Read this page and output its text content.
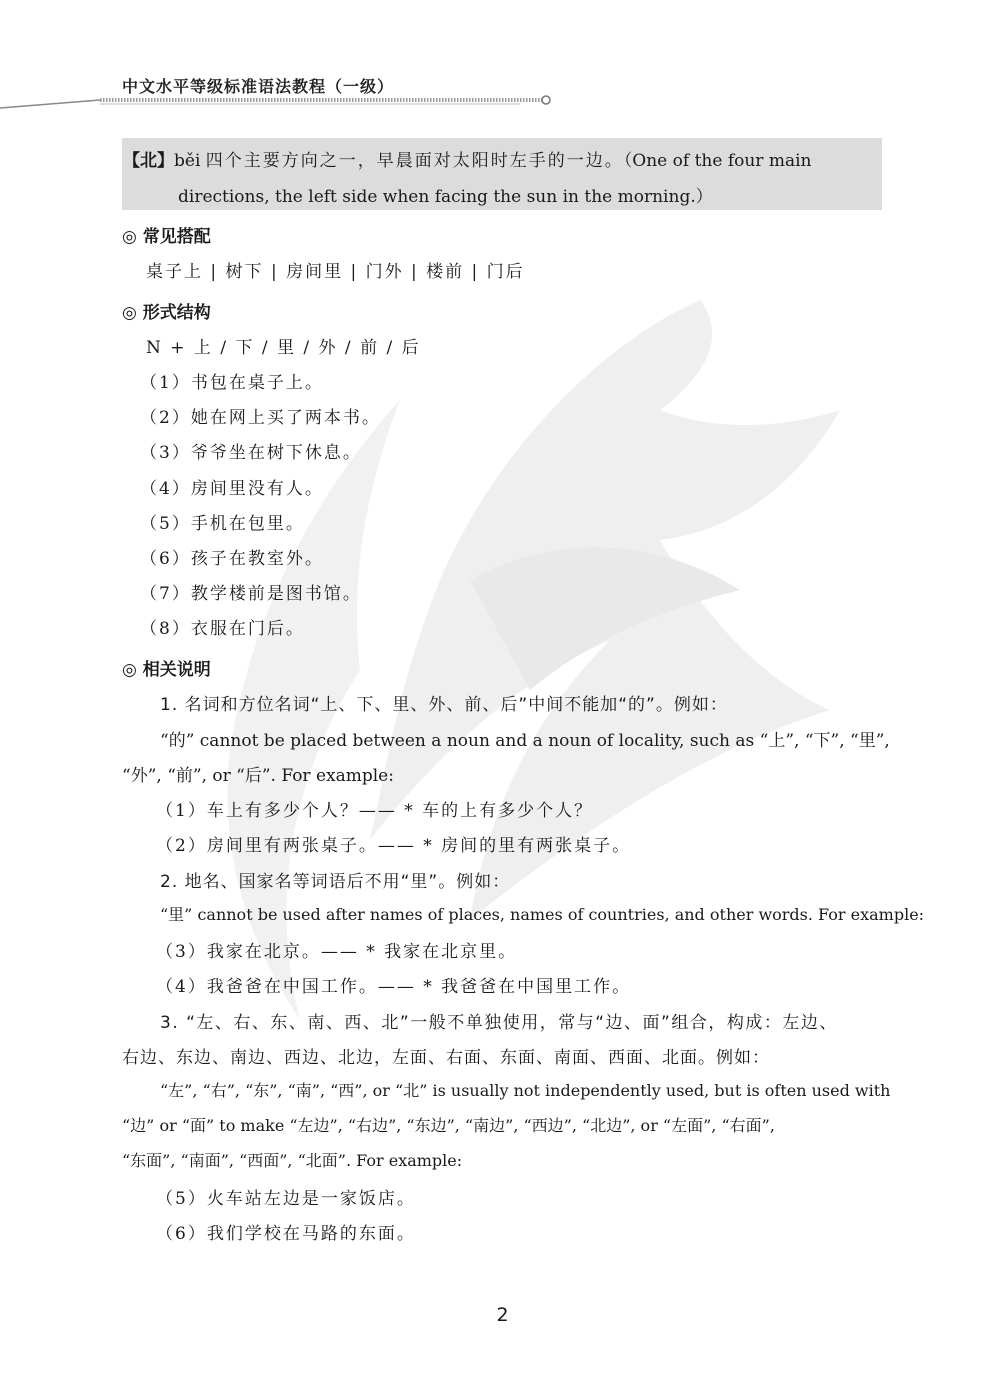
中文水平等级标准语法教程（一级）
【北】běi 四个主要方向之一，早晨面对太阳时左手的一边。（One of the four main
directions, the left side when facing the sun in the morning.）
◎ 常见搭配
桌子上 | 树下 | 房间里 | 门外 | 楼前 | 门后
◎ 形式结构
N + 上 / 下 / 里 / 外 / 前 / 后
（1）书包在桌子上。
（2）她在网上买了两本书。
（3）爷爷坐在树下休息。
（4）房间里没有人。
（5）手机在包里。
（6）孩子在教室外。
（7）教学楼前是图书馆。
（8）衣服在门后。
◎ 相关说明
1. 名词和方位名词“上、下、里、外、前、后”中间不能加“的”。例如：
“的” cannot be placed between a noun and a noun of locality, such as “上”, “下”, “里”,
“外”, “前”, or “后”. For example:
（1）车上有多少个人？—— * 车的上有多少个人？
（2）房间里有两张桌子。—— * 房间的里有两张桌子。
2. 地名、国家名等词语后不用“里”。例如：
“里” cannot be used after names of places, names of countries, and other words. For example:
（3）我家在北京。—— * 我家在北京里。
（4）我爸爸在中国工作。—— * 我爸爸在中国里工作。
3. “左、右、东、南、西、北”一般不单独使用，常与“边、面”组合，构成：左边、
右边、东边、南边、西边、北边，左面、右面、东面、南面、西面、北面。例如：
“左”, “右”, “东”, “南”, “西”, or “北” is usually not independently used, but is often used with
“边” or “面” to make “左边”, “右边”, “东边”, “南边”, “西边”, “北边”, or “左面”, “右面”,
“东面”, “南面”, “西面”, “北面”. For example:
（5）火车站左边是一家饭店。
（6）我们学校在马路的东面。
2
